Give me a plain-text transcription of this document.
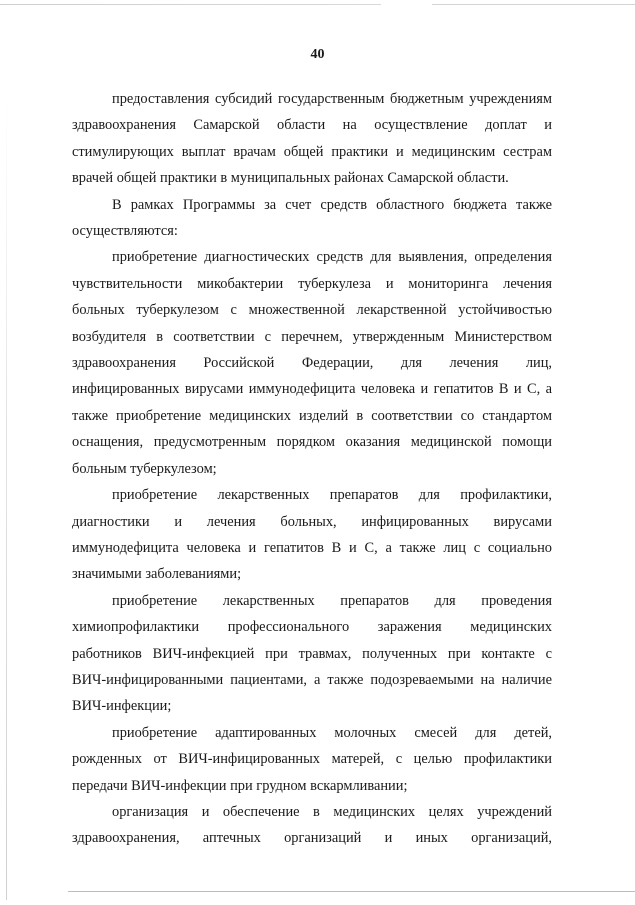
40
предоставления субсидий государственным бюджетным учреждениям
здравоохранения Самарской области на осуществление доплат и
стимулирующих выплат врачам общей практики и медицинским сестрам
врачей общей практики в муниципальных районах Самарской области.
В рамках Программы за счет средств областного бюджета также
осуществляются:
приобретение диагностических средств для выявления, определения
чувствительности микобактерии туберкулеза и мониторинга лечения
больных туберкулезом с множественной лекарственной устойчивостью
возбудителя в соответствии с перечнем, утвержденным Министерством
здравоохранения Российской Федерации, для лечения лиц,
инфицированных вирусами иммунодефицита человека и гепатитов В и С, а
также приобретение медицинских изделий в соответствии со стандартом
оснащения, предусмотренным порядком оказания медицинской помощи
больным туберкулезом;
приобретение лекарственных препаратов для профилактики,
диагностики и лечения больных, инфицированных вирусами
иммунодефицита человека и гепатитов В и С, а также лиц с социально
значимыми заболеваниями;
приобретение лекарственных препаратов для проведения
химиопрофилактики профессионального заражения медицинских
работников ВИЧ-инфекцией при травмах, полученных при контакте с
ВИЧ-инфицированными пациентами, а также подозреваемыми на наличие
ВИЧ-инфекции;
приобретение адаптированных молочных смесей для детей,
рожденных от ВИЧ-инфицированных матерей, с целью профилактики
передачи ВИЧ-инфекции при грудном вскармливании;
организация и обеспечение в медицинских целях учреждений
здравоохранения, аптечных организаций и иных организаций,
